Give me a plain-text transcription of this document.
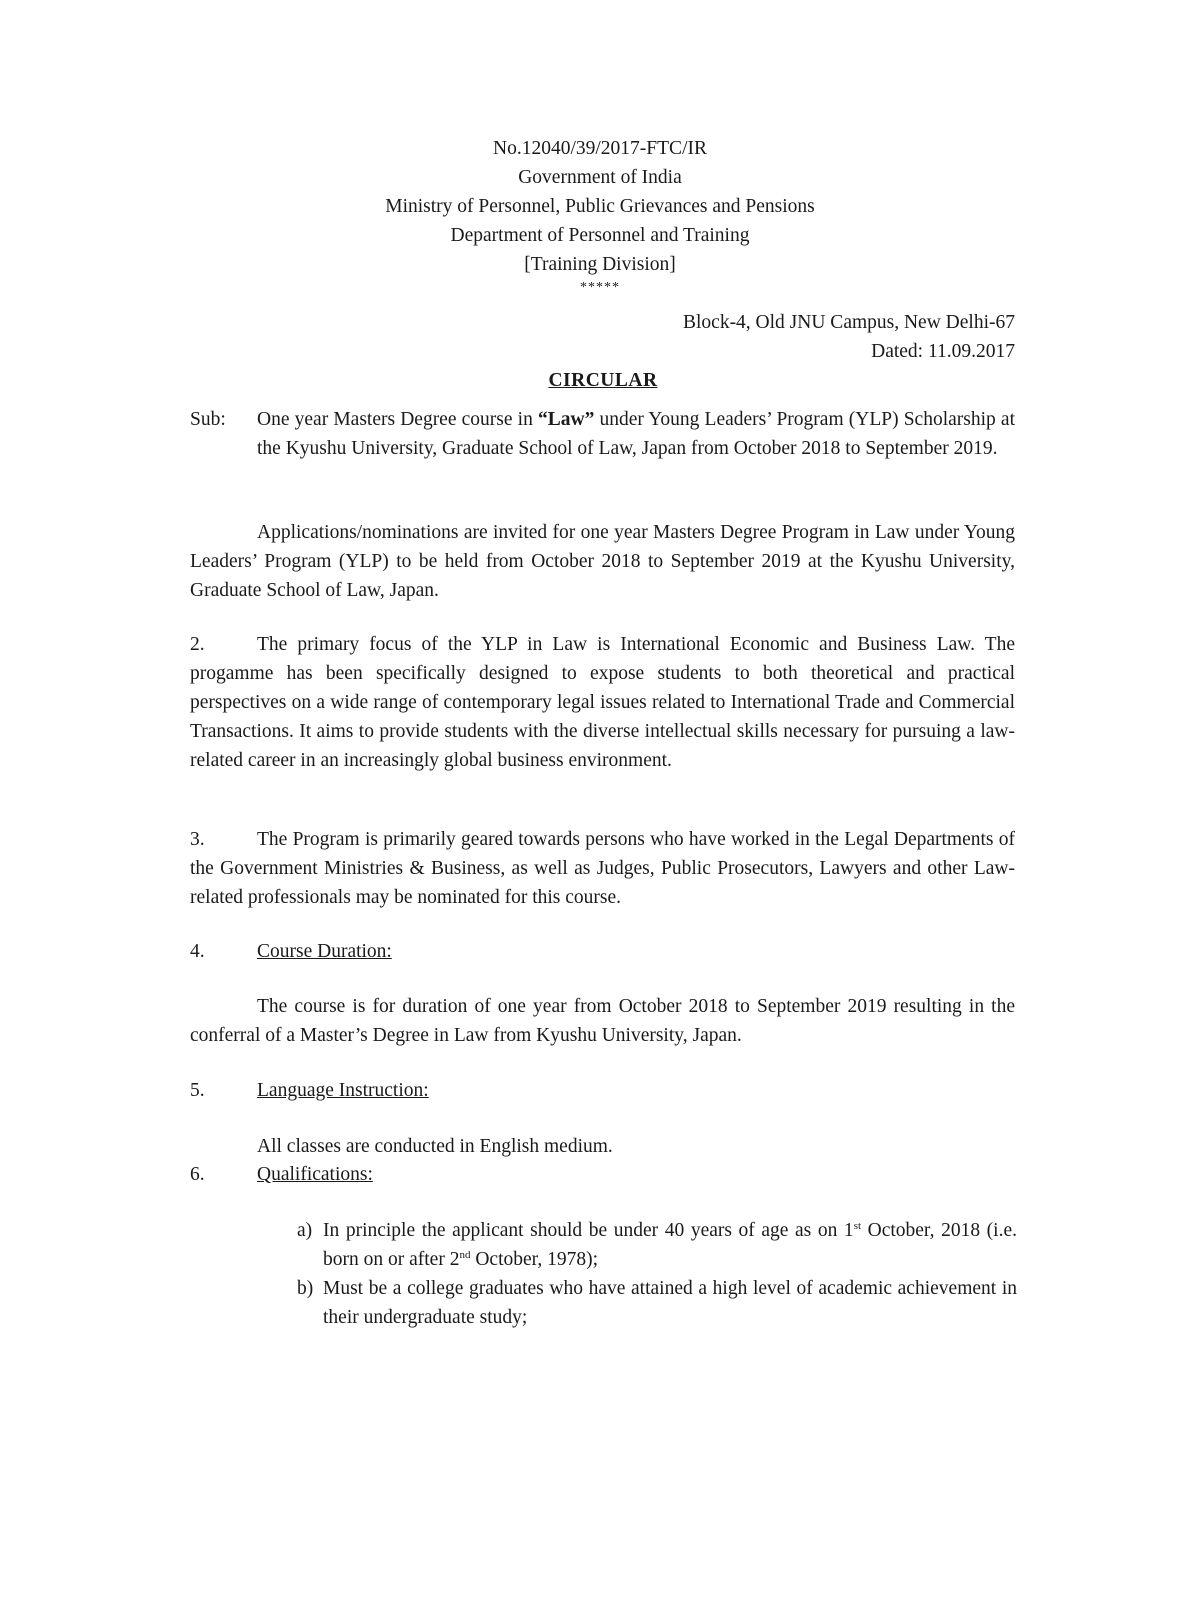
No.12040/39/2017-FTC/IR
Government of India
Ministry of Personnel, Public Grievances and Pensions
Department of Personnel and Training
[Training Division]
*****
Block-4, Old JNU Campus, New Delhi-67
Dated: 11.09.2017
CIRCULAR
Sub:	One year Masters Degree course in “Law” under Young Leaders’ Program (YLP) Scholarship at the Kyushu University, Graduate School of Law, Japan from October 2018 to September 2019.
Applications/nominations are invited for one year Masters Degree Program in Law under Young Leaders’ Program (YLP) to be held from October 2018 to September 2019 at the Kyushu University, Graduate School of Law, Japan.
2.	The primary focus of the YLP in Law is International Economic and Business Law. The progamme has been specifically designed to expose students to both theoretical and practical perspectives on a wide range of contemporary legal issues related to International Trade and Commercial Transactions. It aims to provide students with the diverse intellectual skills necessary for pursuing a law-related career in an increasingly global business environment.
3.	The Program is primarily geared towards persons who have worked in the Legal Departments of the Government Ministries & Business, as well as Judges, Public Prosecutors, Lawyers and other Law-related professionals may be nominated for this course.
4.	Course Duration:
The course is for duration of one year from October 2018 to September 2019 resulting in the conferral of a Master’s Degree in Law from Kyushu University, Japan.
5.	Language Instruction:
All classes are conducted in English medium.
6.	Qualifications:
a) In principle the applicant should be under 40 years of age as on 1st October, 2018 (i.e. born on or after 2nd October, 1978);
b) Must be a college graduates who have attained a high level of academic achievement in their undergraduate study;
